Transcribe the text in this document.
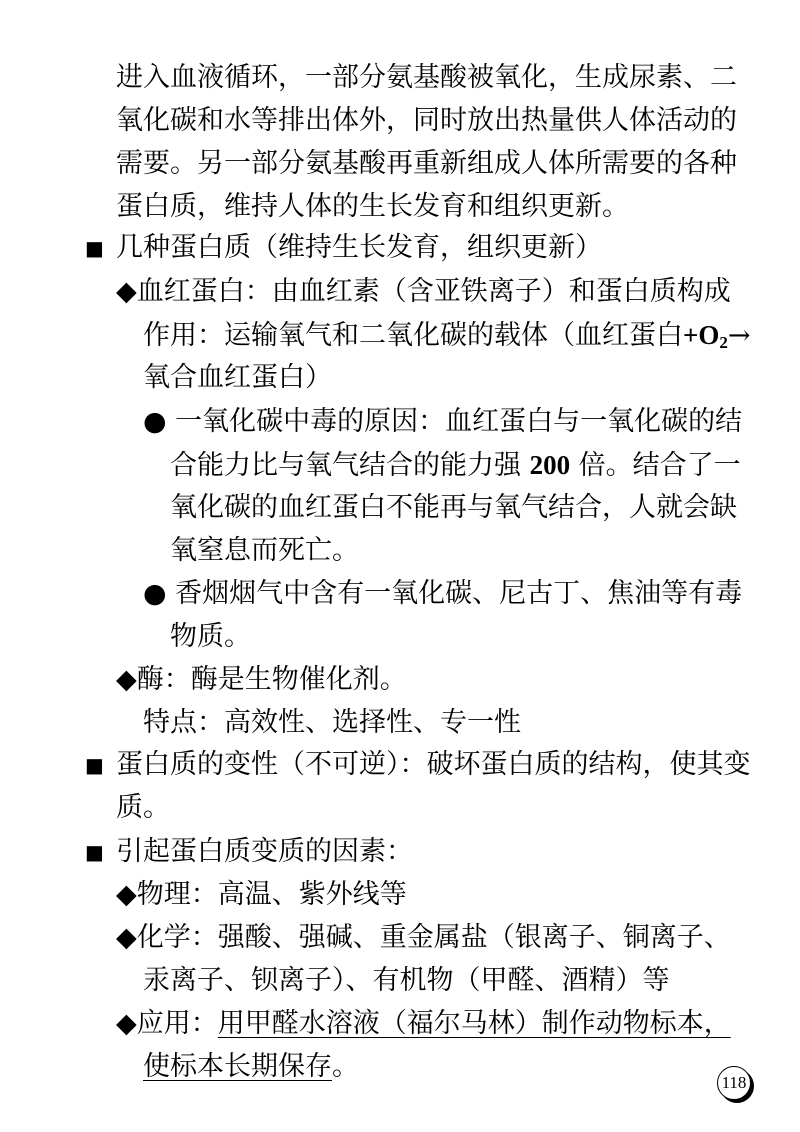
进入血液循环，一部分氨基酸被氧化，生成尿素、二
氧化碳和水等排出体外，同时放出热量供人体活动的
需要。另一部分氨基酸再重新组成人体所需要的各种
蛋白质，维持人体的生长发育和组织更新。
■ 几种蛋白质（维持生长发育，组织更新）
◆血红蛋白：由血红素（含亚铁离子）和蛋白质构成
作用：运输氧气和二氧化碳的载体（血红蛋白$+O_2\to$
氧合血红蛋白）
● 一氧化碳中毒的原因：血红蛋白与一氧化碳的结
合能力比与氧气结合的能力强 200 倍。结合了一
氧化碳的血红蛋白不能再与氧气结合，人就会缺
氧窒息而死亡。
● 香烟烟气中含有一氧化碳、尼古丁、焦油等有毒
物质。
◆酶：酶是生物催化剂。
特点：高效性、选择性、专一性
■ 蛋白质的变性（不可逆）：破坏蛋白质的结构，使其变
质。
■ 引起蛋白质变质的因素：
◆物理：高温、紫外线等
◆化学：强酸、强碱、重金属盐（银离子、铜离子、
汞离子、钡离子）、有机物（甲醛、酒精）等
◆应用：用甲醛水溶液（福尔马林）制作动物标本，
使标本长期保存。
118
